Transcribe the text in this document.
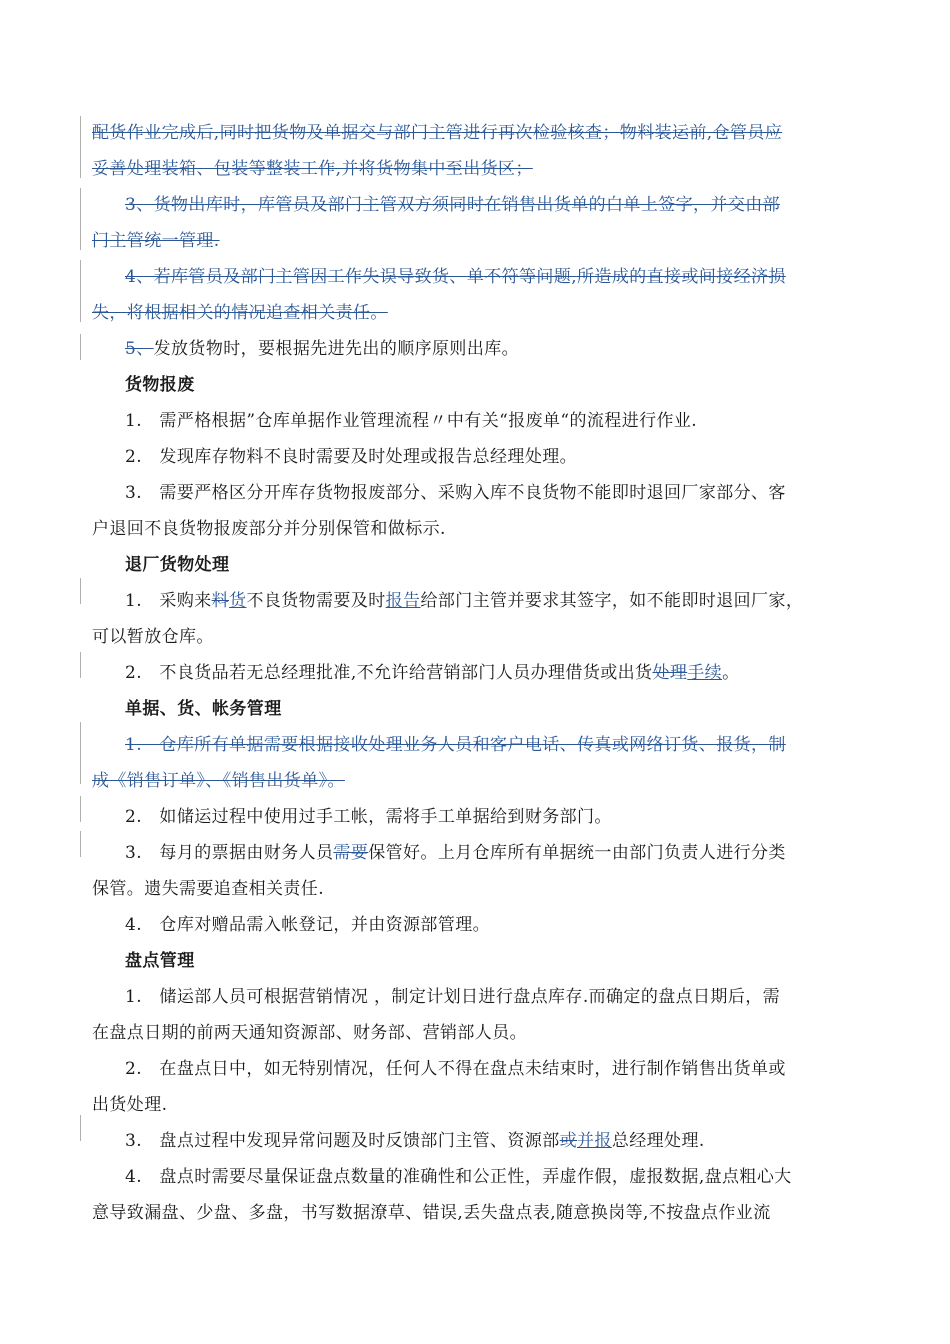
配货作业完成后,同时把货物及单据交与部门主管进行再次检验核查；物料装运前,仓管员应
妥善处理装箱、包装等整装工作,并将货物集中至出货区；
3、货物出库时，库管员及部门主管双方须同时在销售出货单的白单上签字，并交由部
门主管统一管理.
4、若库管员及部门主管因工作失误导致货、单不符等问题,所造成的直接或间接经济损
失，将根据相关的情况追查相关责任。
5、发放货物时，要根据先进先出的顺序原则出库。
货物报废
1.　需严格根据”仓库单据作业管理流程〃中有关“报废单“的流程进行作业.
2.　发现库存物料不良时需要及时处理或报告总经理处理。
3.　需要严格区分开库存货物报废部分、采购入库不良货物不能即时退回厂家部分、客
户退回不良货物报废部分并分别保管和做标示.
退厂货物处理
1.　采购来料货不良货物需要及时报告给部门主管并要求其签字，如不能即时退回厂家，
可以暂放仓库。
2.　不良货品若无总经理批准,不允许给营销部门人员办理借货或出货处理手续。
单据、货、帐务管理
1.　仓库所有单据需要根据接收处理业务人员和客户电话、传真或网络订货、报货，制
成《销售订单》、《销售出货单》。
2.　如储运过程中使用过手工帐，需将手工单据给到财务部门。
3.　每月的票据由财务人员需要保管好。上月仓库所有单据统一由部门负责人进行分类
保管。遗失需要追查相关责任.
4.　仓库对赠品需入帐登记，并由资源部管理。
盘点管理
1.　储运部人员可根据营销情况 ，制定计划日进行盘点库存.而确定的盘点日期后，需
在盘点日期的前两天通知资源部、财务部、营销部人员。
2.　在盘点日中，如无特别情况，任何人不得在盘点未结束时，进行制作销售出货单或
出货处理.
3.　盘点过程中发现异常问题及时反馈部门主管、资源部或并报总经理处理.
4.　盘点时需要尽量保证盘点数量的准确性和公正性，弄虚作假，虚报数据,盘点粗心大
意导致漏盘、少盘、多盘，书写数据潦草、错误,丢失盘点表,随意换岗等,不按盘点作业流
